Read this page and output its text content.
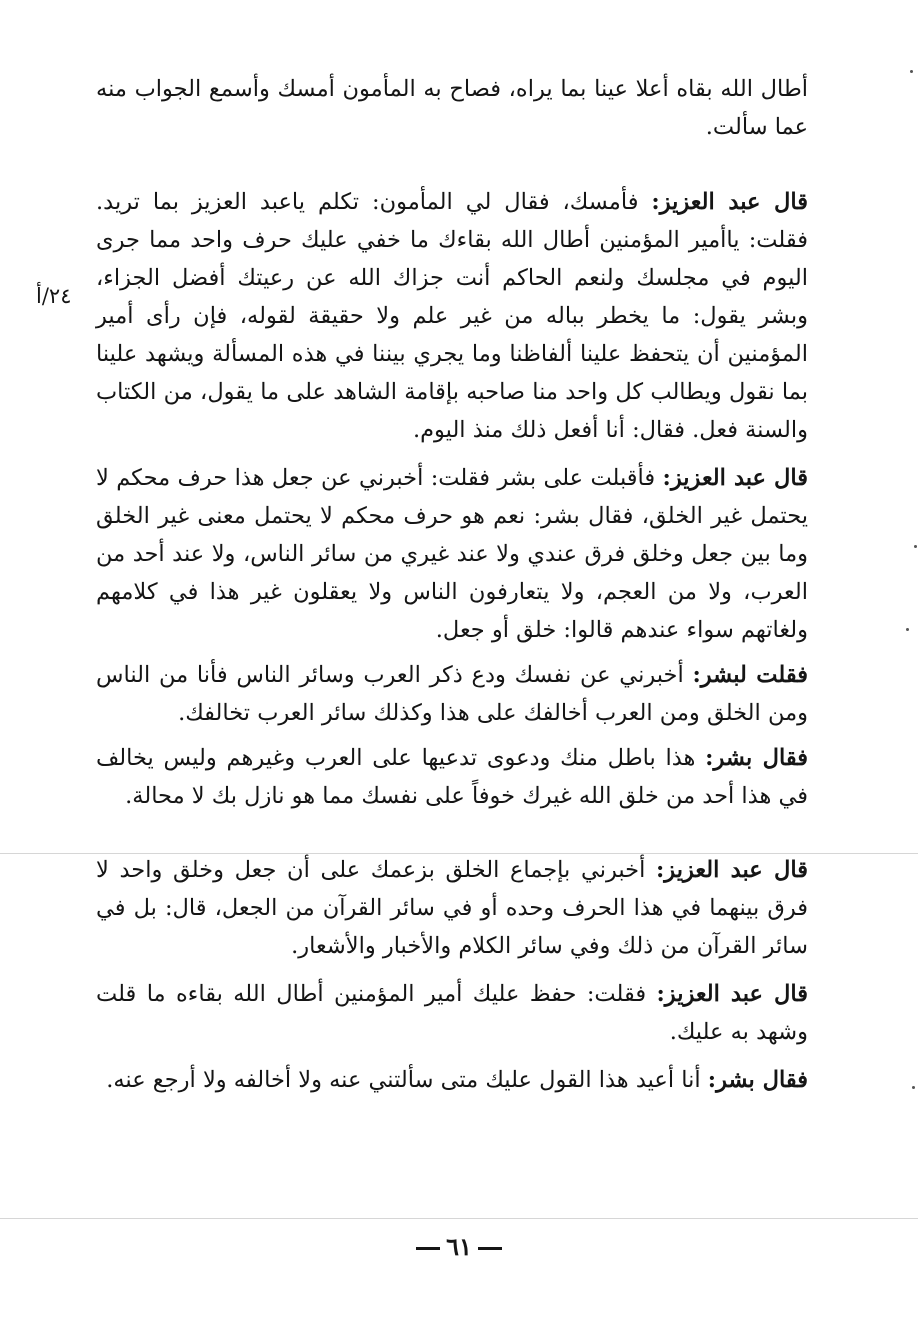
٢٤/أ

أطال الله بقاه أعلا عينا بما يراه، فصاح به المأمون أمسك وأسمع الجواب منه عما سألت.

قال عبد العزيز: فأمسك، فقال لي المأمون: تكلم ياعبد العزيز بما تريد. فقلت: ياأمير المؤمنين أطال الله بقاءك ما خفي عليك حرف واحد مما جرى اليوم في مجلسك ولنعم الحاكم أنت جزاك الله عن رعيتك أفضل الجزاء، وبشر يقول: ما يخطر بباله من غير علم ولا حقيقة لقوله، فإن رأى أمير المؤمنين أن يتحفظ علينا ألفاظنا وما يجري بيننا في هذه المسألة ويشهد علينا بما نقول ويطالب كل واحد منا صاحبه بإقامة الشاهد على ما يقول، من الكتاب والسنة فعل. فقال: أنا أفعل ذلك منذ اليوم.

قال عبد العزيز: فأقبلت على بشر فقلت: أخبرني عن جعل هذا حرف محكم لا يحتمل غير الخلق، فقال بشر: نعم هو حرف محكم لا يحتمل معنى غير الخلق وما بين جعل وخلق فرق عندي ولا عند غيري من سائر الناس، ولا عند أحد من العرب، ولا من العجم، ولا يتعارفون الناس ولا يعقلون غير هذا في كلامهم ولغاتهم سواء عندهم قالوا: خلق أو جعل.

فقلت لبشر: أخبرني عن نفسك ودع ذكر العرب وسائر الناس فأنا من الناس ومن الخلق ومن العرب أخالفك على هذا وكذلك سائر العرب تخالفك.

فقال بشر: هذا باطل منك ودعوى تدعيها على العرب وغيرهم وليس يخالف في هذا أحد من خلق الله غيرك خوفاً على نفسك مما هو نازل بك لا محالة.

قال عبد العزيز: أخبرني بإجماع الخلق بزعمك على أن جعل وخلق واحد لا فرق بينهما في هذا الحرف وحده أو في سائر القرآن من الجعل، قال: بل في سائر القرآن من ذلك وفي سائر الكلام والأخبار والأشعار.

قال عبد العزيز: فقلت: حفظ عليك أمير المؤمنين أطال الله بقاءه ما قلت وشهد به عليك.

فقال بشر: أنا أعيد هذا القول عليك متى سألتني عنه ولا أخالفه ولا أرجع عنه.

٦١
